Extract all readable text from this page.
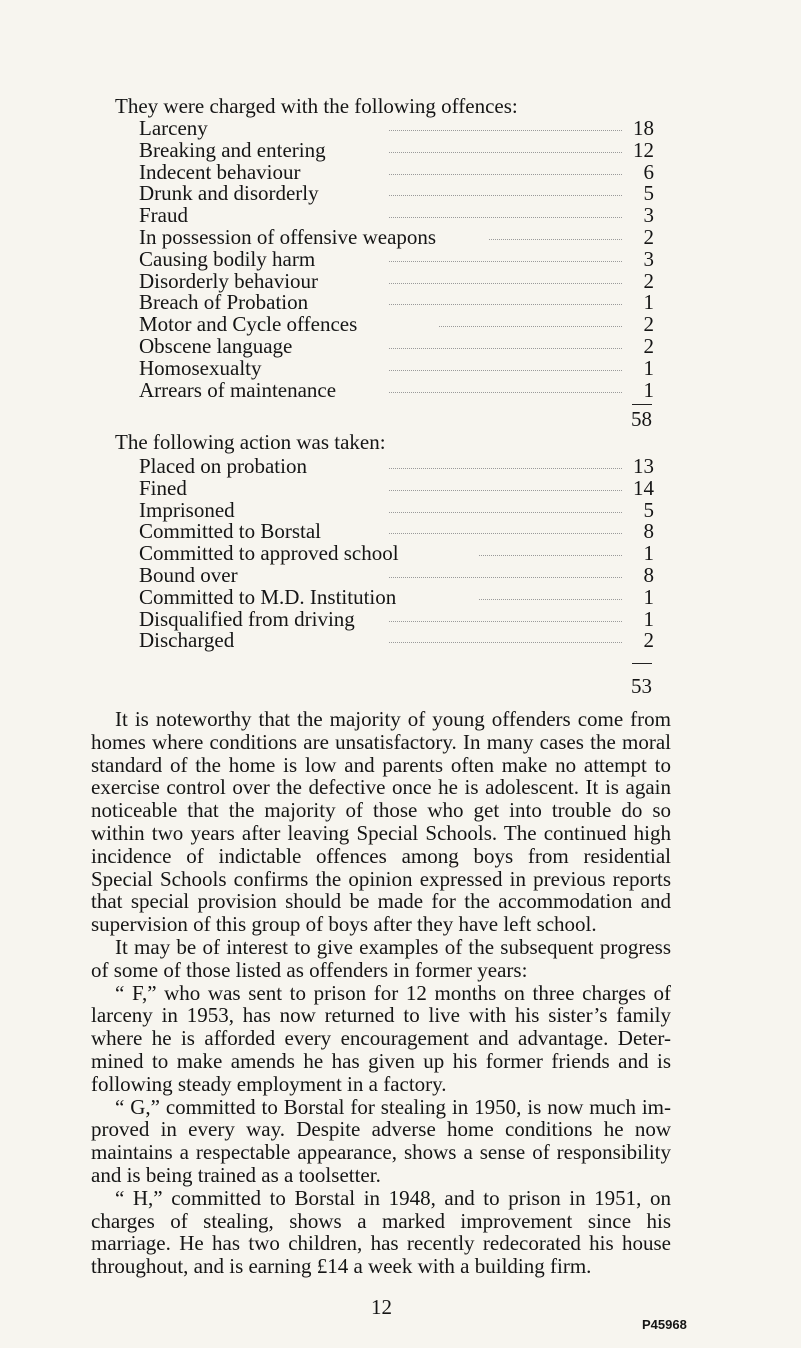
They were charged with the following offences:
Larceny	18
Breaking and entering	12
Indecent behaviour	6
Drunk and disorderly	5
Fraud	3
In possession of offensive weapons	2
Causing bodily harm	3
Disorderly behaviour	2
Breach of Probation	1
Motor and Cycle offences	2
Obscene language	2
Homosexualty	1
Arrears of maintenance	1
58
The following action was taken:
Placed on probation	13
Fined	14
Imprisoned	5
Committed to Borstal	8
Committed to approved school	1
Bound over	8
Committed to M.D. Institution	1
Disqualified from driving	1
Discharged	2
53

It is noteworthy that the majority of young offenders come from homes where conditions are unsatisfactory. In many cases the moral standard of the home is low and parents often make no attempt to exercise control over the defective once he is adolescent. It is again noticeable that the majority of those who get into trouble do so within two years after leaving Special Schools. The continued high incidence of indictable offences among boys from residential Special Schools confirms the opinion expressed in previous reports that special provision should be made for the accommodation and supervision of this group of boys after they have left school.

It may be of interest to give examples of the subsequent progress of some of those listed as offenders in former years:

“ F,” who was sent to prison for 12 months on three charges of larceny in 1953, has now returned to live with his sister’s family where he is afforded every encouragement and advantage. Deter- mined to make amends he has given up his former friends and is following steady employment in a factory.

“ G,” committed to Borstal for stealing in 1950, is now much im- proved in every way. Despite adverse home conditions he now maintains a respectable appearance, shows a sense of responsibility and is being trained as a toolsetter.

“ H,” committed to Borstal in 1948, and to prison in 1951, on charges of stealing, shows a marked improvement since his marriage. He has two children, has recently redecorated his house throughout, and is earning £14 a week with a building firm.

12
P45968
